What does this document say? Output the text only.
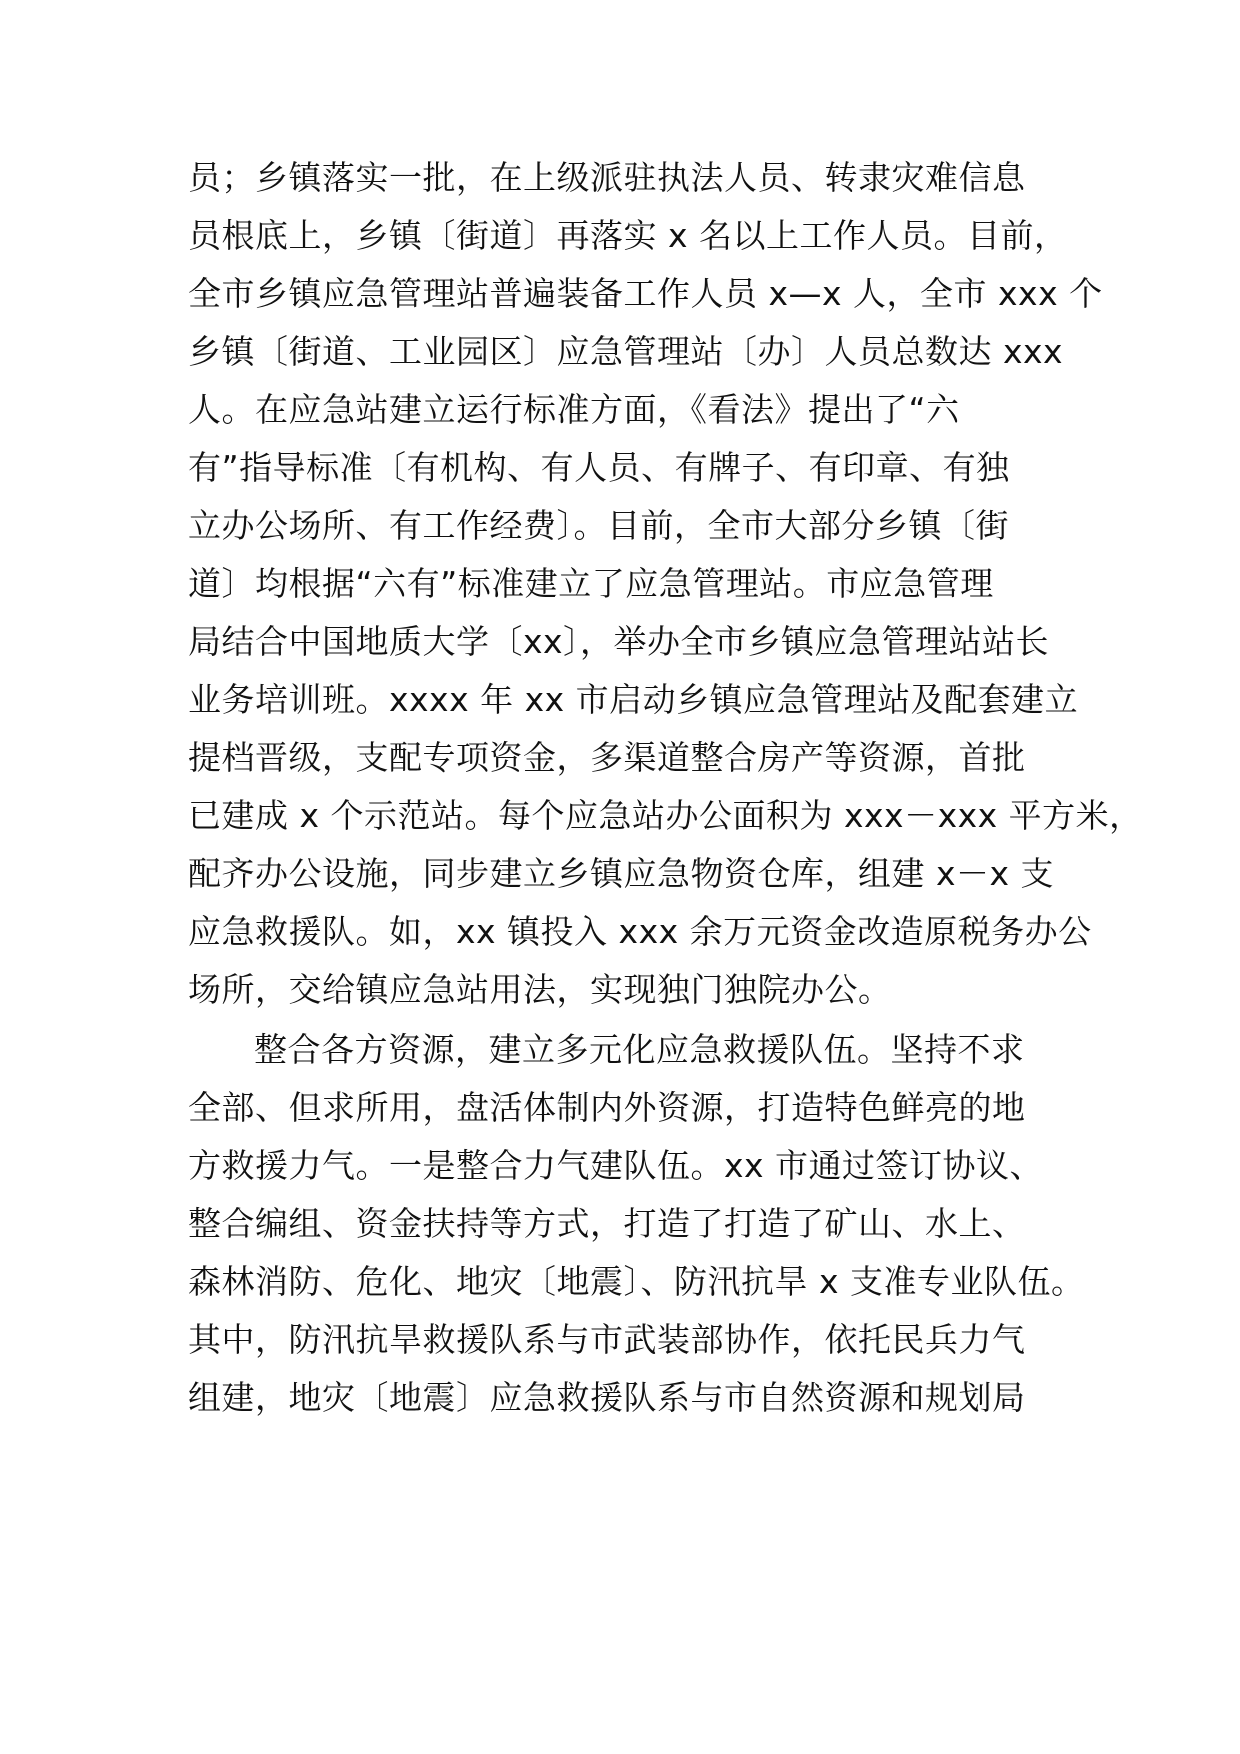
员；乡镇落实一批，在上级派驻执法人员、转隶灾难信息
员根底上，乡镇〔街道〕再落实 x 名以上工作人员。目前，
全市乡镇应急管理站普遍装备工作人员 x—x 人，全市 xxx 个
乡镇〔街道、工业园区〕应急管理站〔办〕人员总数达 xxx
人。在应急站建立运行标准方面，《看法》提出了“六
有”指导标准〔有机构、有人员、有牌子、有印章、有独
立办公场所、有工作经费〕。目前，全市大部分乡镇〔街
道〕均根据“六有”标准建立了应急管理站。市应急管理
局结合中国地质大学〔xx〕，举办全市乡镇应急管理站站长
业务培训班。xxxx 年 xx 市启动乡镇应急管理站及配套建立
提档晋级，支配专项资金，多渠道整合房产等资源，首批
已建成 x 个示范站。每个应急站办公面积为 xxx－xxx 平方米，
配齐办公设施，同步建立乡镇应急物资仓库，组建 x－x 支
应急救援队。如，xx 镇投入 xxx 余万元资金改造原税务办公
场所，交给镇应急站用法，实现独门独院办公。
整合各方资源，建立多元化应急救援队伍。坚持不求
全部、但求所用，盘活体制内外资源，打造特色鲜亮的地
方救援力气。一是整合力气建队伍。xx 市通过签订协议、
整合编组、资金扶持等方式，打造了打造了矿山、水上、
森林消防、危化、地灾〔地震〕、防汛抗旱 x 支准专业队伍。
其中，防汛抗旱救援队系与市武装部协作，依托民兵力气
组建，地灾〔地震〕应急救援队系与市自然资源和规划局
